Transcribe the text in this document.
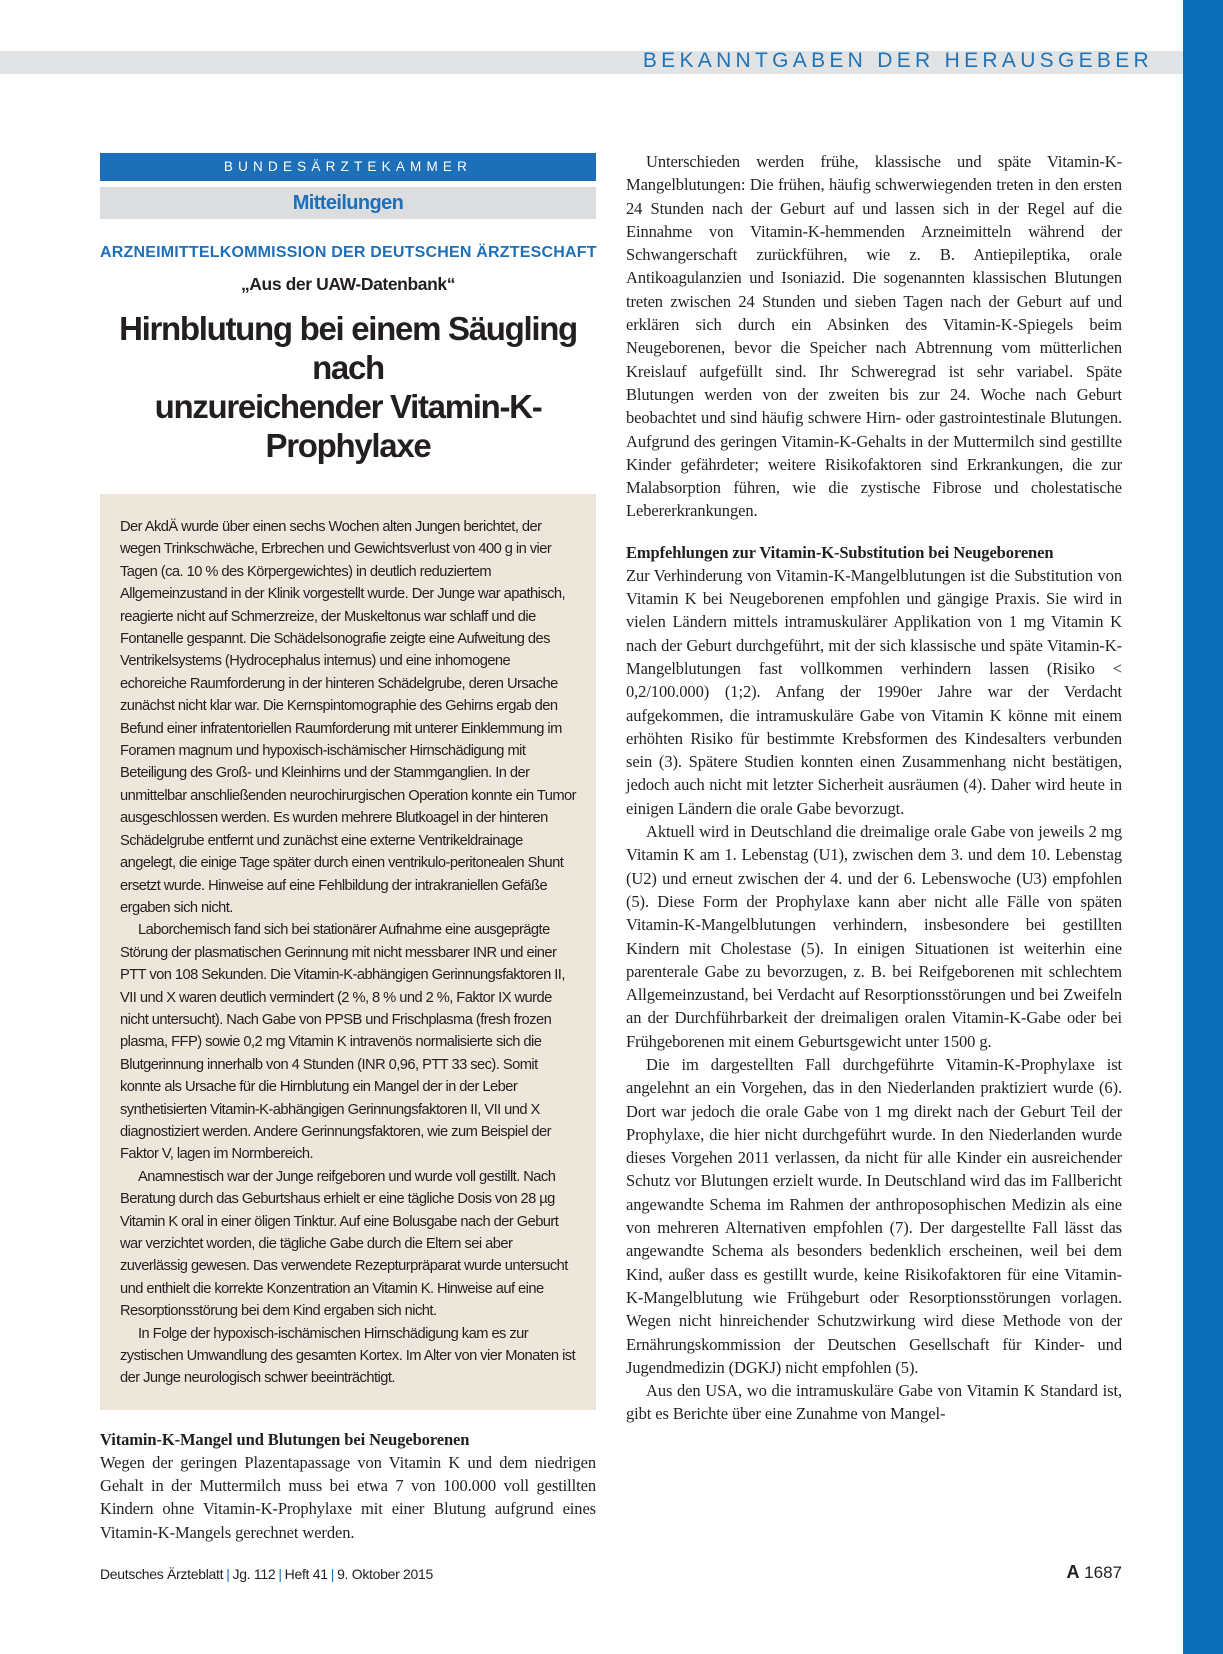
BEKANNTGABEN DER HERAUSGEBER
BUNDESÄRZTEKAMMER
Mitteilungen
ARZNEIMITTELKOMMISSION DER DEUTSCHEN ÄRZTESCHAFT
„Aus der UAW-Datenbank“
Hirnblutung bei einem Säugling nach
unzureichender Vitamin-K-Prophylaxe

Der AkdÄ wurde über einen sechs Wochen alten Jungen berichtet, der wegen Trinkschwäche, Erbrechen und Gewichtsverlust von 400 g in vier Tagen (ca. 10 % des Körpergewichtes) in deutlich reduziertem Allgemeinzustand in der Klinik vorgestellt wurde. Der Junge war apathisch, reagierte nicht auf Schmerzreize, der Muskeltonus war schlaff und die Fontanelle gespannt. Die Schädelsonografie zeigte eine Aufweitung des Ventrikelsystems (Hydrocephalus internus) und eine inhomogene echoreiche Raumforderung in der hinteren Schädelgrube, deren Ursache zunächst nicht klar war. Die Kernspintomographie des Gehirns ergab den Befund einer infratentoriellen Raumforderung mit unterer Einklemmung im Foramen magnum und hypoxisch-ischämischer Hirnschädigung mit Beteiligung des Groß- und Kleinhirns und der Stammganglien. In der unmittelbar anschließenden neurochirurgischen Operation konnte ein Tumor ausgeschlossen werden. Es wurden mehrere Blutkoagel in der hinteren Schädelgrube entfernt und zunächst eine externe Ventrikeldrainage angelegt, die einige Tage später durch einen ventrikulo-peritonealen Shunt ersetzt wurde. Hinweise auf eine Fehlbildung der intrakraniellen Gefäße ergaben sich nicht.

Laborchemisch fand sich bei stationärer Aufnahme eine ausgeprägte Störung der plasmatischen Gerinnung mit nicht messbarer INR und einer PTT von 108 Sekunden. Die Vitamin-K-abhängigen Gerinnungsfaktoren II, VII und X waren deutlich vermindert (2 %, 8 % und 2 %, Faktor IX wurde nicht untersucht). Nach Gabe von PPSB und Frischplasma (fresh frozen plasma, FFP) sowie 0,2 mg Vitamin K intravenös normalisierte sich die Blutgerinnung innerhalb von 4 Stunden (INR 0,96, PTT 33 sec). Somit konnte als Ursache für die Hirnblutung ein Mangel der in der Leber synthetisierten Vitamin-K-abhängigen Gerinnungsfaktoren II, VII und X diagnostiziert werden. Andere Gerinnungsfaktoren, wie zum Beispiel der Faktor V, lagen im Normbereich.

Anamnestisch war der Junge reifgeboren und wurde voll gestillt. Nach Beratung durch das Geburtshaus erhielt er eine tägliche Dosis von 28 µg Vitamin K oral in einer öligen Tinktur. Auf eine Bolusgabe nach der Geburt war verzichtet worden, die tägliche Gabe durch die Eltern sei aber zuverlässig gewesen. Das verwendete Rezepturpräparat wurde untersucht und enthielt die korrekte Konzentration an Vitamin K. Hinweise auf eine Resorptionsstörung bei dem Kind ergaben sich nicht.

In Folge der hypoxisch-ischämischen Hirnschädigung kam es zur zystischen Umwandlung des gesamten Kortex. Im Alter von vier Monaten ist der Junge neurologisch schwer beeinträchtigt.

Vitamin-K-Mangel und Blutungen bei Neugeborenen

Wegen der geringen Plazentapassage von Vitamin K und dem niedrigen Gehalt in der Muttermilch muss bei etwa 7 von 100.000 voll gestillten Kindern ohne Vitamin-K-Prophylaxe mit einer Blutung aufgrund eines Vitamin-K-Mangels gerechnet werden.

Unterschieden werden frühe, klassische und späte Vitamin-K-Mangelblutungen: Die frühen, häufig schwerwiegenden treten in den ersten 24 Stunden nach der Geburt auf und lassen sich in der Regel auf die Einnahme von Vitamin-K-hemmenden Arzneimitteln während der Schwangerschaft zurückführen, wie z. B. Antiepileptika, orale Antikoagulanzien und Isoniazid. Die sogenannten klassischen Blutungen treten zwischen 24 Stunden und sieben Tagen nach der Geburt auf und erklären sich durch ein Absinken des Vitamin-K-Spiegels beim Neugeborenen, bevor die Speicher nach Abtrennung vom mütterlichen Kreislauf aufgefüllt sind. Ihr Schweregrad ist sehr variabel. Späte Blutungen werden von der zweiten bis zur 24. Woche nach Geburt beobachtet und sind häufig schwere Hirn- oder gastrointestinale Blutungen. Aufgrund des geringen Vitamin-K-Gehalts in der Muttermilch sind gestillte Kinder gefährdeter; weitere Risikofaktoren sind Erkrankungen, die zur Malabsorption führen, wie die zystische Fibrose und cholestatische Lebererkrankungen.

Empfehlungen zur Vitamin-K-Substitution bei Neugeborenen

Zur Verhinderung von Vitamin-K-Mangelblutungen ist die Substitution von Vitamin K bei Neugeborenen empfohlen und gängige Praxis. Sie wird in vielen Ländern mittels intramuskulärer Applikation von 1 mg Vitamin K nach der Geburt durchgeführt, mit der sich klassische und späte Vitamin-K-Mangelblutungen fast vollkommen verhindern lassen (Risiko < 0,2/100.000) (1;2). Anfang der 1990er Jahre war der Verdacht aufgekommen, die intramuskuläre Gabe von Vitamin K könne mit einem erhöhten Risiko für bestimmte Krebsformen des Kindesalters verbunden sein (3). Spätere Studien konnten einen Zusammenhang nicht bestätigen, jedoch auch nicht mit letzter Sicherheit ausräumen (4). Daher wird heute in einigen Ländern die orale Gabe bevorzugt.

Aktuell wird in Deutschland die dreimalige orale Gabe von jeweils 2 mg Vitamin K am 1. Lebenstag (U1), zwischen dem 3. und dem 10. Lebenstag (U2) und erneut zwischen der 4. und der 6. Lebenswoche (U3) empfohlen (5). Diese Form der Prophylaxe kann aber nicht alle Fälle von späten Vitamin-K-Mangelblutungen verhindern, insbesondere bei gestillten Kindern mit Cholestase (5). In einigen Situationen ist weiterhin eine parenterale Gabe zu bevorzugen, z. B. bei Reifgeborenen mit schlechtem Allgemeinzustand, bei Verdacht auf Resorptionsstörungen und bei Zweifeln an der Durchführbarkeit der dreimaligen oralen Vitamin-K-Gabe oder bei Frühgeborenen mit einem Geburtsgewicht unter 1500 g.

Die im dargestellten Fall durchgeführte Vitamin-K-Prophylaxe ist angelehnt an ein Vorgehen, das in den Niederlanden praktiziert wurde (6). Dort war jedoch die orale Gabe von 1 mg direkt nach der Geburt Teil der Prophylaxe, die hier nicht durchgeführt wurde. In den Niederlanden wurde dieses Vorgehen 2011 verlassen, da nicht für alle Kinder ein ausreichender Schutz vor Blutungen erzielt wurde. In Deutschland wird das im Fallbericht angewandte Schema im Rahmen der anthroposophischen Medizin als eine von mehreren Alternativen empfohlen (7). Der dargestellte Fall lässt das angewandte Schema als besonders bedenklich erscheinen, weil bei dem Kind, außer dass es gestillt wurde, keine Risikofaktoren für eine Vitamin-K-Mangelblutung wie Frühgeburt oder Resorptionsstörungen vorlagen. Wegen nicht hinreichender Schutzwirkung wird diese Methode von der Ernährungskommission der Deutschen Gesellschaft für Kinder- und Jugendmedizin (DGKJ) nicht empfohlen (5).

Aus den USA, wo die intramuskuläre Gabe von Vitamin K Standard ist, gibt es Berichte über eine Zunahme von Mangel-

Deutsches Ärzteblatt | Jg. 112 | Heft 41 | 9. Oktober 2015	A 1687
